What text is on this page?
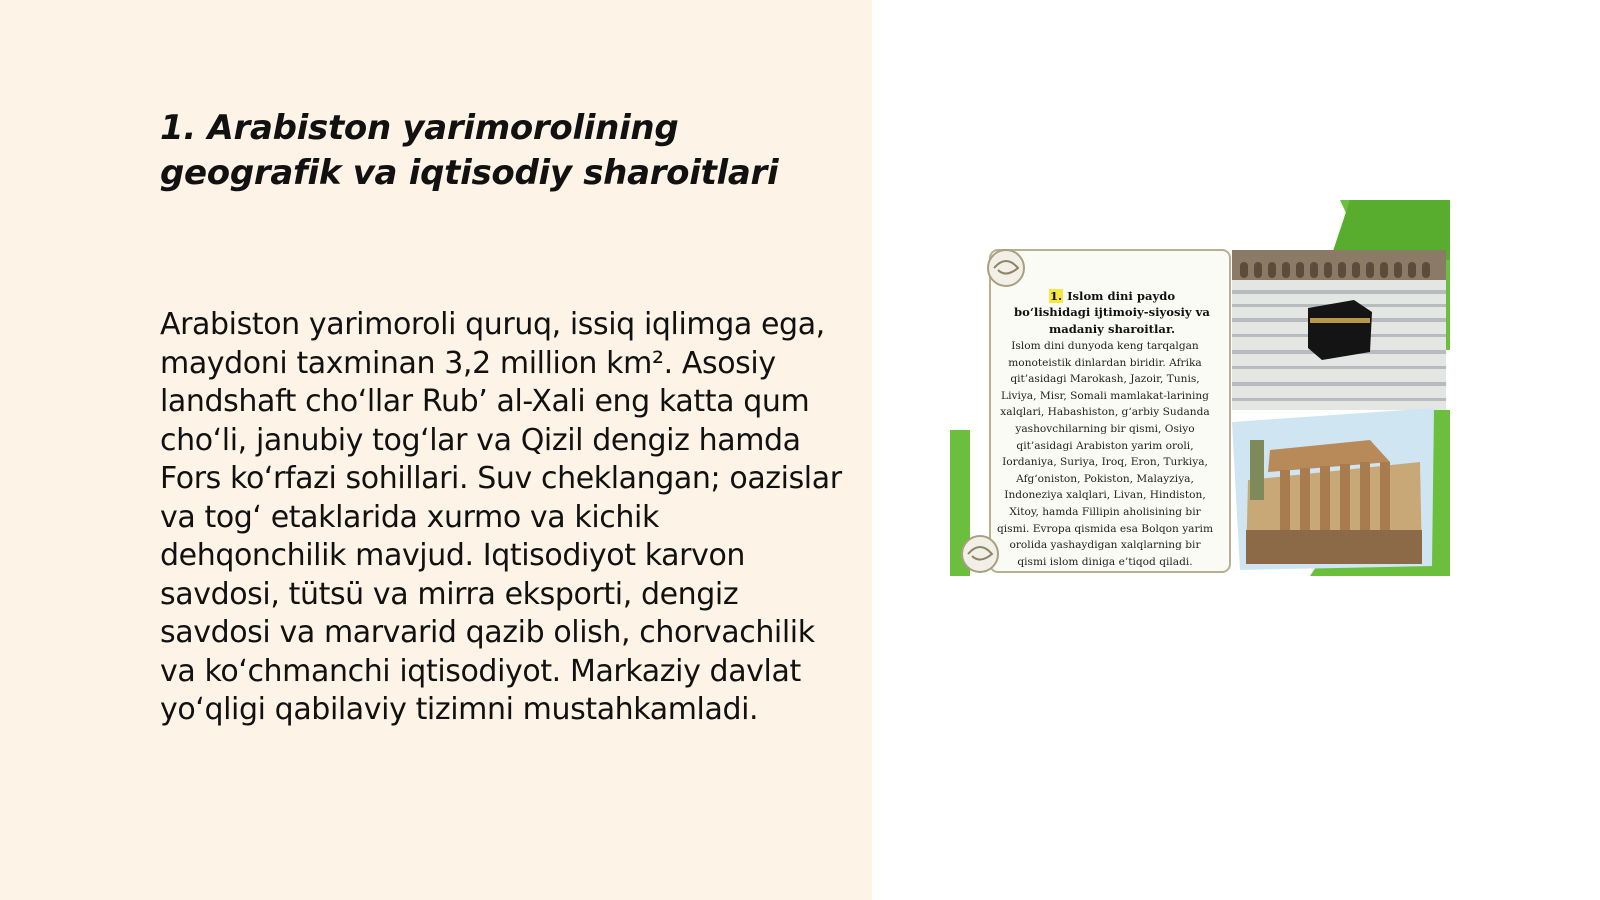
1. Arabiston yarimorolining geografik va iqtisodiy sharoitlari

Arabiston yarimoroli quruq, issiq iqlimga ega, maydoni taxminan 3,2 million km². Asosiy landshaft cho‘llar Rub’ al-Xali eng katta qum cho‘li, janubiy tog‘lar va Qizil dengiz hamda Fors ko‘rfazi sohillari. Suv cheklangan; oazislar va tog‘ etaklarida xurmo va kichik dehqonchilik mavjud. Iqtisodiyot karvon savdosi, tütsü va mirra eksporti, dengiz savdosi va marvarid qazib olish, chorvachilik va ko‘chmanchi iqtisodiyot. Markaziy davlat yo‘qligi qabilaviy tizimni mustahkamladi.

1. Islom dini paydo bo‘lishidagi ijtimoiy-siyosiy va madaniy sharoitlar.
Islom dini dunyoda keng tarqalgan monoteistik dinlardan biridir. Afrika qit’asidagi Marokash, Jazoir, Tunis, Liviya, Misr, Somali mamlakat-larining xalqlari, Habashiston, g‘arbiy Sudanda yashovchilarning bir qismi, Osiyo qit’asidagi Arabiston yarim oroli, Iordaniya, Suriya, Iroq, Eron, Turkiya, Afg‘oniston, Pokiston, Malayziya, Indoneziya xalqlari, Livan, Hindiston, Xitoy, hamda Fillipin aholisining bir qismi. Evropa qismida esa Bolqon yarim orolida yashaydigan xalqlarning bir qismi islom diniga e’tiqod qiladi.
